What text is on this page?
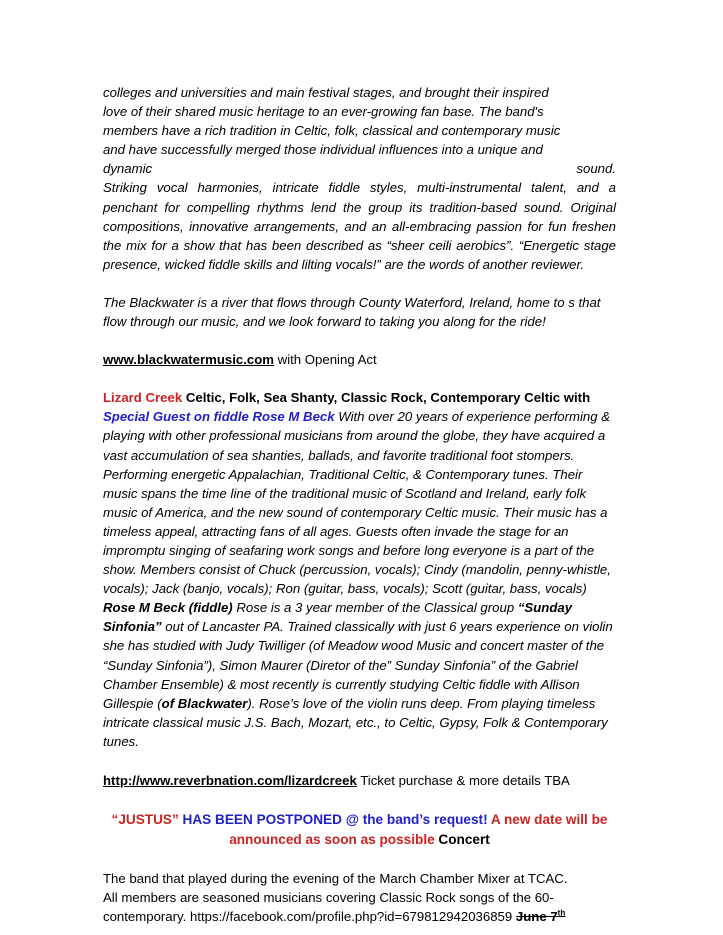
colleges and universities and main festival stages, and brought their inspired

love of their shared music heritage to an ever-growing fan base. The band's

members have a rich tradition in Celtic, folk, classical and contemporary music

and have successfully merged those individual influences into a unique and

dynamic	sound.

Striking vocal harmonies, intricate fiddle styles, multi-instrumental talent, and a penchant for compelling rhythms lend the group its tradition-based sound. Original compositions, innovative arrangements, and an all-embracing passion for fun freshen the mix for a show that has been described as “sheer ceili aerobics”. “Energetic stage presence, wicked fiddle skills and lilting vocals!” are the words of another reviewer.

The Blackwater is a river that flows through County Waterford, Ireland, home to s that flow through our music, and we look forward to taking you along for the ride!

www.blackwatermusic.com with Opening Act

Lizard Creek Celtic, Folk, Sea Shanty, Classic Rock, Contemporary Celtic with Special Guest on fiddle Rose M Beck With over 20 years of experience performing & playing with other professional musicians from around the globe, they have acquired a vast accumulation of sea shanties, ballads, and favorite traditional foot stompers. Performing energetic Appalachian, Traditional Celtic, & Contemporary tunes. Their music spans the time line of the traditional music of Scotland and Ireland, early folk music of America, and the new sound of contemporary Celtic music. Their music has a timeless appeal, attracting fans of all ages. Guests often invade the stage for an impromptu singing of seafaring work songs and before long everyone is a part of the show. Members consist of Chuck (percussion, vocals); Cindy (mandolin, penny-whistle, vocals); Jack (banjo, vocals); Ron (guitar, bass, vocals); Scott (guitar, bass, vocals) Rose M Beck (fiddle) Rose is a 3 year member of the Classical group “Sunday Sinfonia” out of Lancaster PA. Trained classically with just 6 years experience on violin she has studied with Judy Twilliger (of Meadow wood Music and concert master of the “Sunday Sinfonia”), Simon Maurer (Diretor of the” Sunday Sinfonia” of the Gabriel Chamber Ensemble) & most recently is currently studying Celtic fiddle with Allison Gillespie (of Blackwater). Rose’s love of the violin runs deep. From playing timeless intricate classical music J.S. Bach, Mozart, etc., to Celtic, Gypsy, Folk & Contemporary tunes.

http://www.reverbnation.com/lizardcreek Ticket purchase & more details TBA

“JUSTUS” HAS BEEN POSTPONED @ the band’s request! A new date will be announced as soon as possible Concert

The band that played during the evening of the March Chamber Mixer at TCAC.

All members are seasoned musicians covering Classic Rock songs of the 60-

contemporary. https://facebook.com/profile.php?id=679812942036859 June 7th
